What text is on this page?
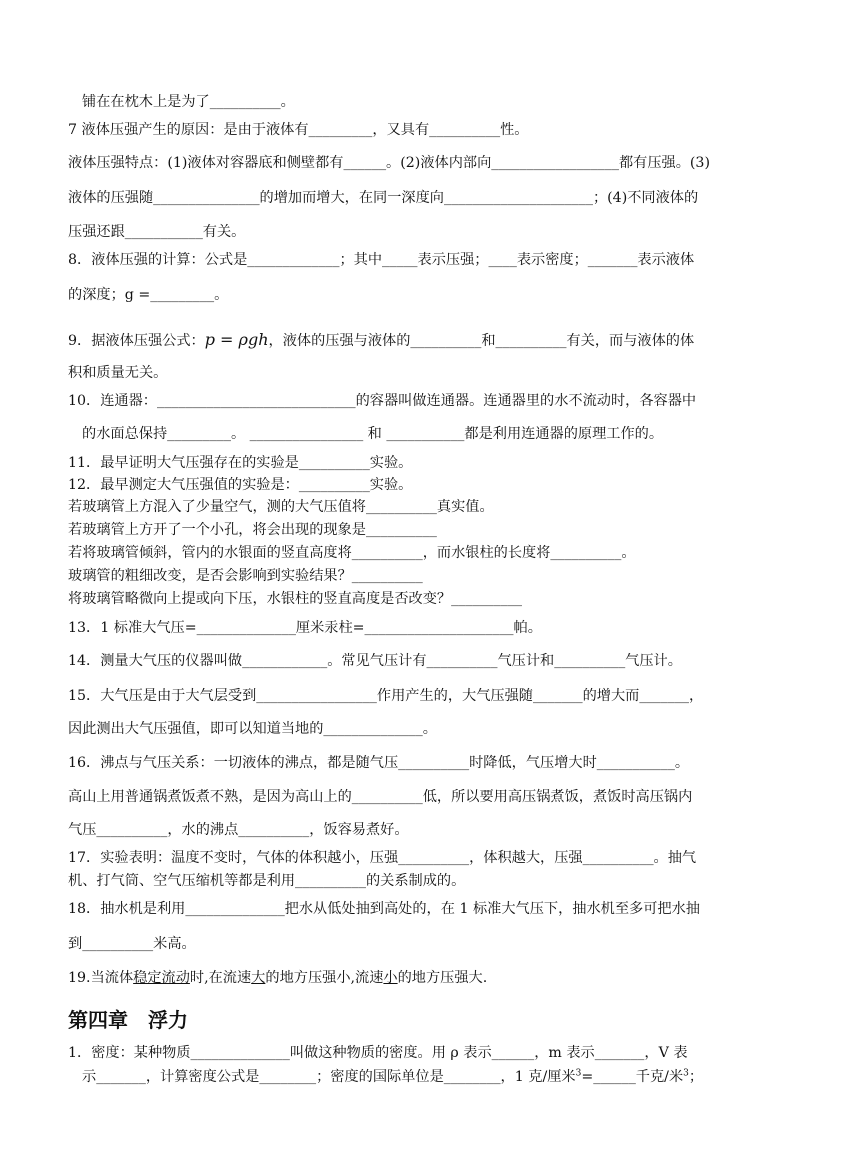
铺在在枕木上是为了__________。
7 液体压强产生的原因：是由于液体有_________，又具有__________性。
液体压强特点：(1)液体对容器底和侧壁都有______。(2)液体内部向__________________都有压强。(3)
液体的压强随_______________的增加而增大，在同一深度向_____________________；(4)不同液体的
压强还跟___________有关。
8．液体压强的计算：公式是_____________；其中_____表示压强；____表示密度；_______表示液体
的深度；g =_________。
9．据液体压强公式：p = ρgh，液体的压强与液体的__________和__________有关，而与液体的体
积和质量无关。
10．连通器：____________________________的容器叫做连通器。连通器里的水不流动时，各容器中
的水面总保持_________。 ________________ 和 ___________都是利用连通器的原理工作的。
11．最早证明大气压强存在的实验是__________实验。
12．最早测定大气压强值的实验是：__________实验。
若玻璃管上方混入了少量空气，测的大气压值将__________真实值。
若玻璃管上方开了一个小孔，将会出现的现象是__________
若将玻璃管倾斜，管内的水银面的竖直高度将__________，而水银柱的长度将__________。
玻璃管的粗细改变，是否会影响到实验结果？__________
将玻璃管略微向上提或向下压，水银柱的竖直高度是否改变？__________
13．1 标准大气压=______________厘米汞柱=_____________________帕。
14．测量大气压的仪器叫做____________。常见气压计有__________气压计和__________气压计。
15．大气压是由于大气层受到_________________作用产生的，大气压强随_______的增大而_______，
因此测出大气压强值，即可以知道当地的______________。
16．沸点与气压关系：一切液体的沸点，都是随气压__________时降低，气压增大时___________。
高山上用普通锅煮饭煮不熟，是因为高山上的__________低，所以要用高压锅煮饭，煮饭时高压锅内
气压__________，水的沸点__________，饭容易煮好。
17．实验表明：温度不变时，气体的体积越小，压强__________，体积越大，压强__________。抽气
机、打气筒、空气压缩机等都是利用__________的关系制成的。
18．抽水机是利用______________把水从低处抽到高处的，在 1 标准大气压下，抽水机至多可把水抽
到__________米高。
19.当流体稳定流动时,在流速大的地方压强小,流速小的地方压强大.
第四章　浮力
1．密度：某种物质______________叫做这种物质的密度。用 ρ 表示______，m 表示_______，V 表
示_______，计算密度公式是________；密度的国际单位是________，1 克/厘米$^3$=______千克/米$^3$；
